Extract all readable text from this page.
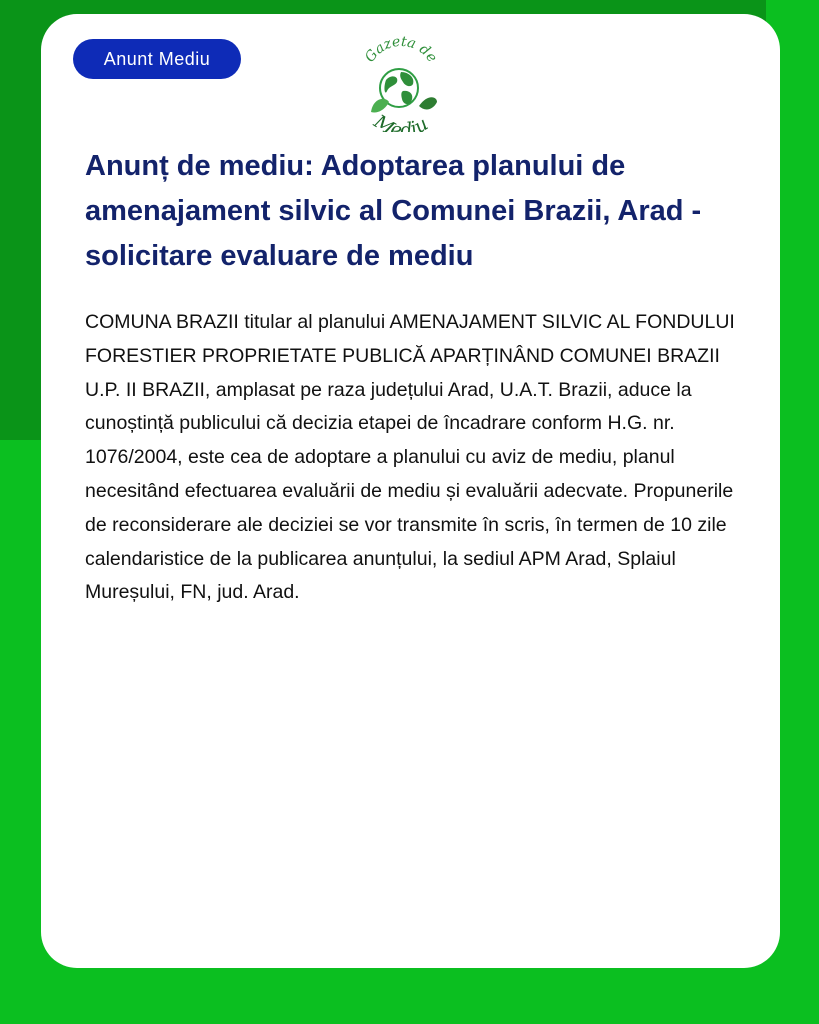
Anunt Mediu	Gazeta de
Mediu
Anunț de mediu: Adoptarea planului de amenajament silvic al Comunei Brazii, Arad - solicitare evaluare de mediu

COMUNA BRAZII titular al planului AMENAJAMENT SILVIC AL FONDULUI FORESTIER PROPRIETATE PUBLICĂ APARȚINÂND COMUNEI BRAZII U.P. II BRAZII, amplasat pe raza județului Arad, U.A.T. Brazii, aduce la cunoștință publicului că decizia etapei de încadrare conform H.G. nr. 1076/2004, este cea de adoptare a planului cu aviz de mediu, planul necesitând efectuarea evaluării de mediu și evaluării adecvate. Propunerile de reconsiderare ale deciziei se vor transmite în scris, în termen de 10 zile calendaristice de la publicarea anunțului, la sediul APM Arad, Splaiul Mureșului, FN, jud. Arad.
